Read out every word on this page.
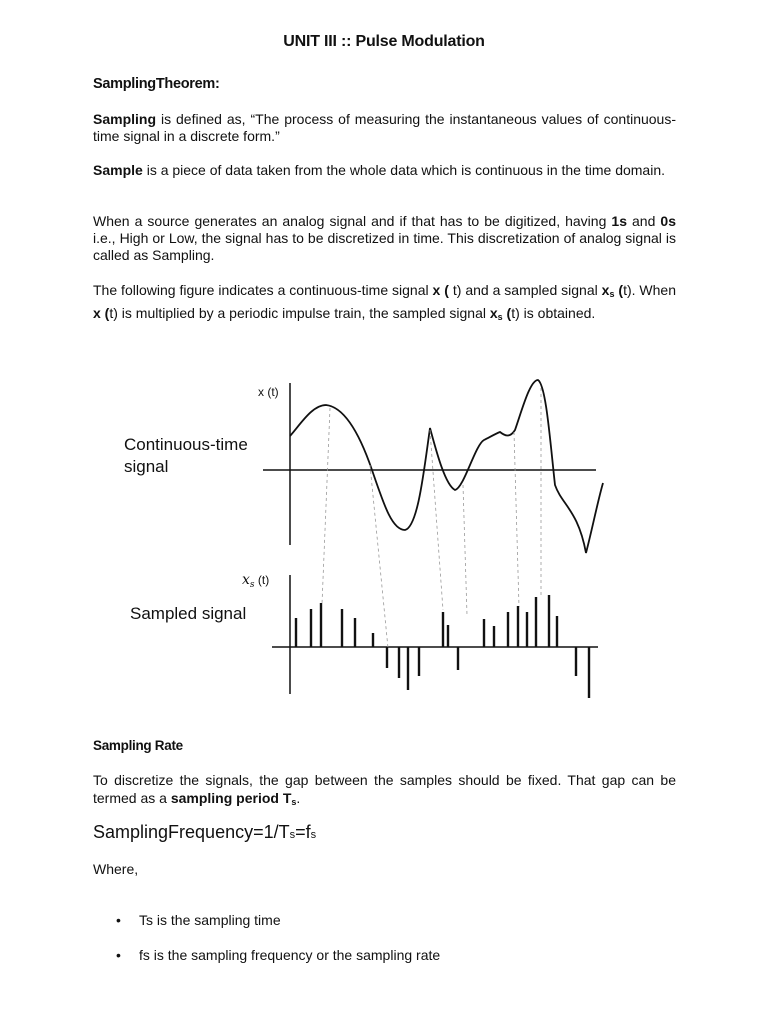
UNIT III :: Pulse Modulation
SamplingTheorem:
Sampling is defined as, “The process of measuring the instantaneous values of continuous-time signal in a discrete form.”
Sample is a piece of data taken from the whole data which is continuous in the time domain.
When a source generates an analog signal and if that has to be digitized, having 1s and 0s i.e., High or Low, the signal has to be discretized in time. This discretization of analog signal is called as Sampling.
The following figure indicates a continuous-time signal x ( t) and a sampled signal $x_s$ (t). When x (t) is multiplied by a periodic impulse train, the sampled signal $x_s$ (t) is obtained.
x (t)
Continuous-time
signal
$x_s$ (t)
Sampled signal
Sampling Rate
To discretize the signals, the gap between the samples should be fixed. That gap can be termed as a sampling period $T_s$.
SamplingFrequency=1/Ts=fs
Where,
• Ts is the sampling time
• fs is the sampling frequency or the sampling rate
